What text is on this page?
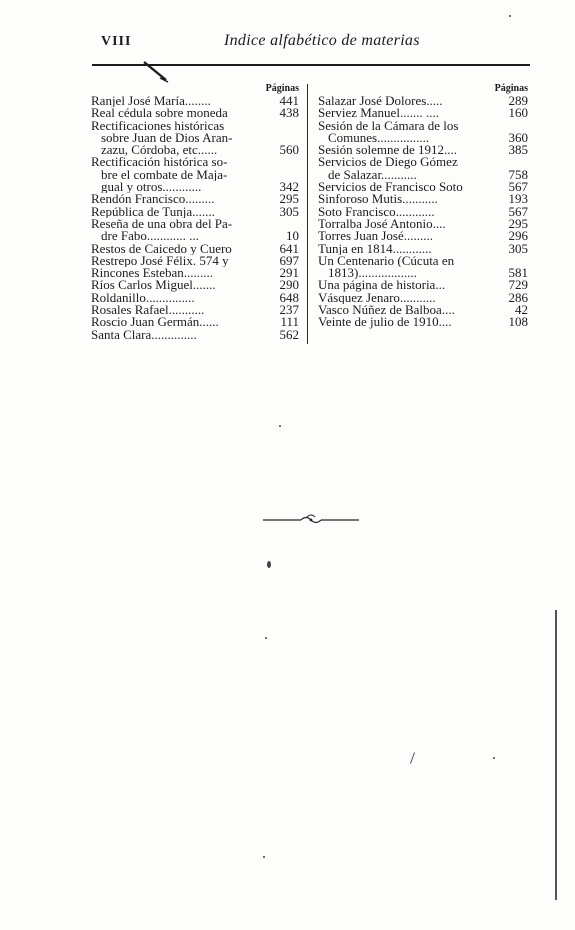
VIII	Indice alfabético de materias
Páginas
Ranjel José María........	441
Real cédula sobre moneda	438
Rectificaciones históricas
sobre Juan de Dios Aran-
zazu, Córdoba, etc......	560
Rectificación histórica so-
bre el combate de Maja-
gual y otros............	342
Rendón Francisco.........	295
República de Tunja.......	305
Reseña de una obra del Pa-
dre Fabo............ ...	10
Restos de Caicedo y Cuero	641
Restrepo José Félix. 574 y	697
Rincones Esteban.........	291
Ríos Carlos Miguel.......	290
Roldanillo...............	648
Rosales Rafael...........	237
Roscio Juan Germán......	111
Santa Clara..............	562
Páginas
Salazar José Dolores.....	289
Serviez Manuel....... ....	160
Sesión de la Cámara de los
Comunes................	360
Sesión solemne de 1912....	385
Servicios de Diego Gómez
de Salazar...........	758
Servicios de Francisco Soto	567
Sinforoso Mutis...........	193
Soto Francisco............	567
Torralba José Antonio....	295
Torres Juan José.........	296
Tunja en 1814............	305
Un Centenario (Cúcuta en
1813)..................	581
Una página de historia...	729
Vásquez Jenaro...........	286
Vasco Núñez de Balboa....	42
Veinte de julio de 1910....	108
